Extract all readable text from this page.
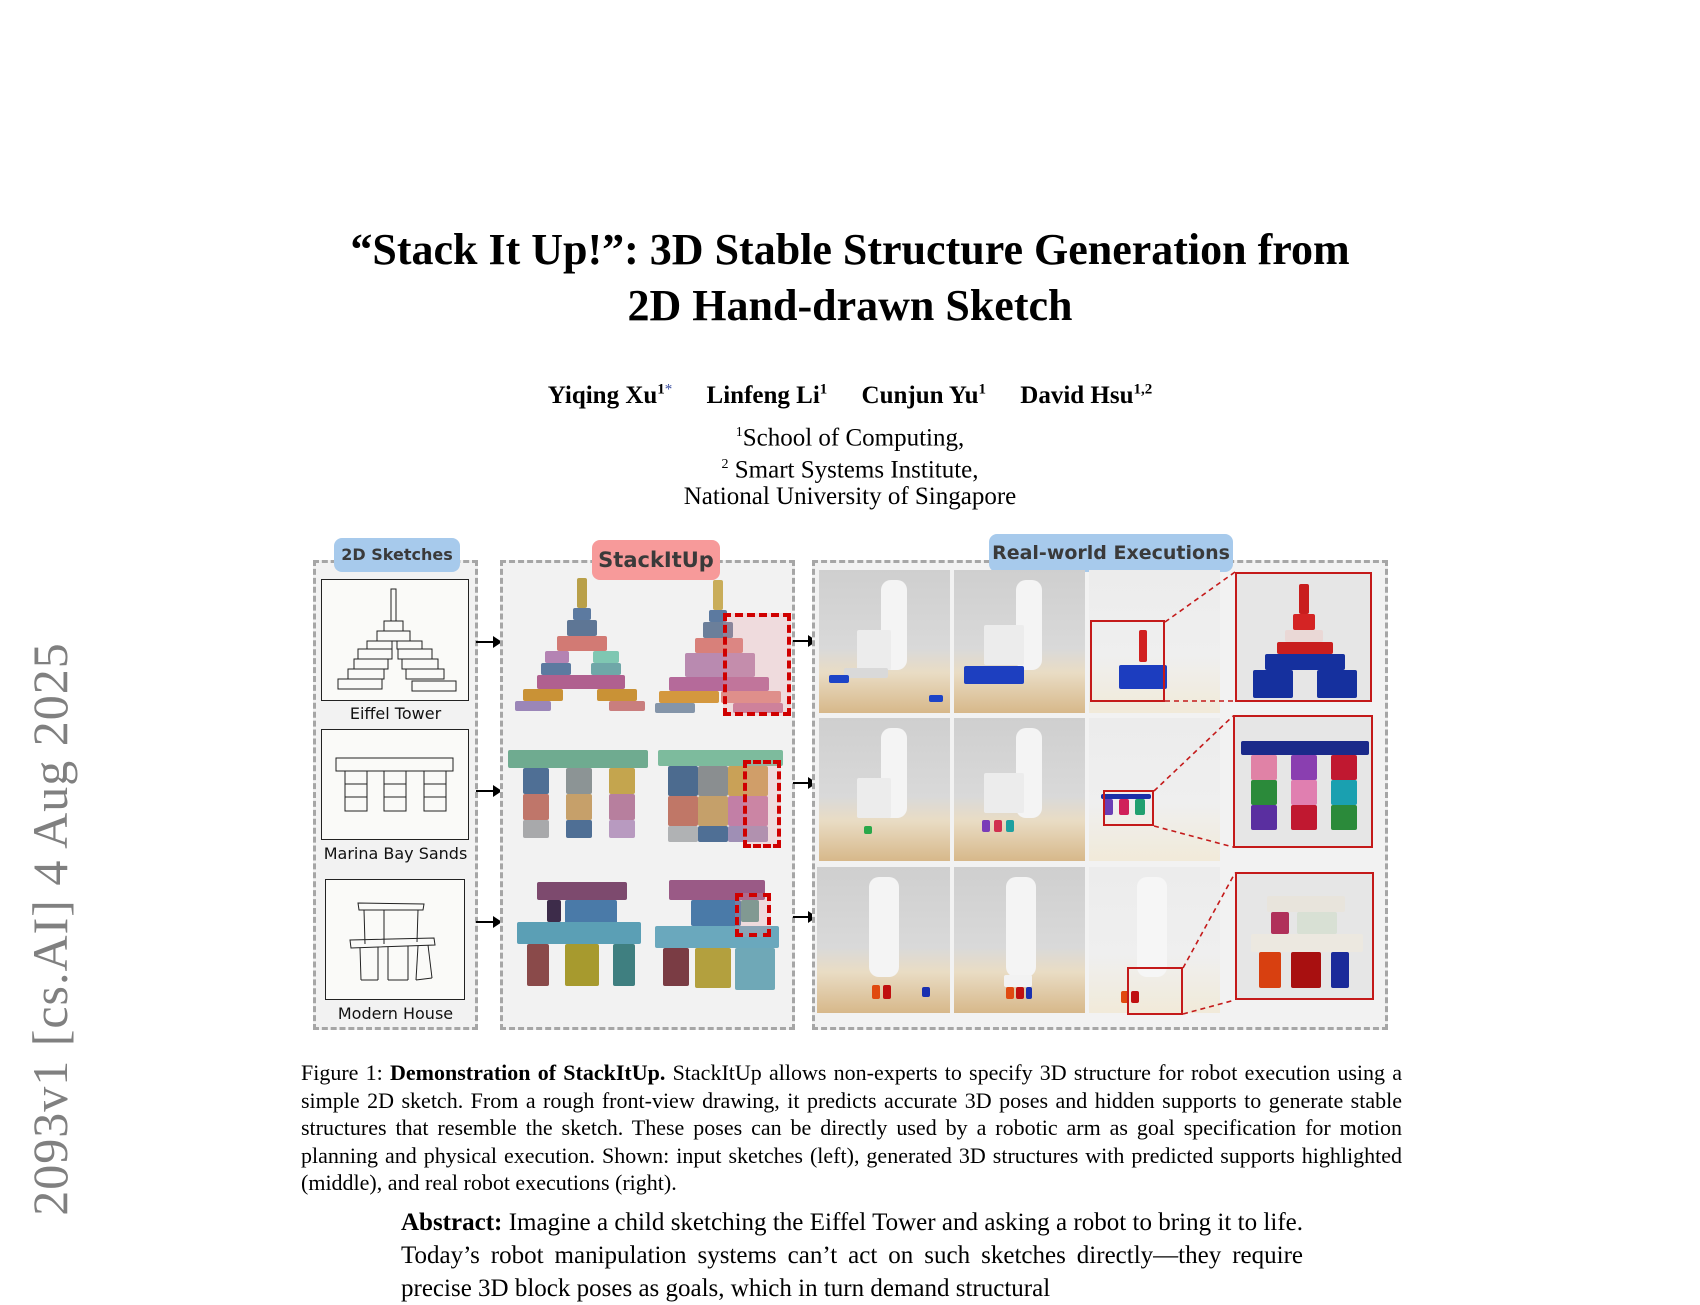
2093v1 [cs.AI] 4 Aug 2025
“Stack It Up!”: 3D Stable Structure Generation from
2D Hand-drawn Sketch
Yiqing $Xu^{1*}$ Linfeng Li$^1$ Cunjun Yu$^1$ David Hsu$^{1,2}$
$^1$School of Computing,
$^2$ Smart Systems Institute,
National University of Singapore
2D Sketches
Eiffel Tower
Marina Bay Sands
Modern House
StackItUp	Real-world Executions
Figure 1: Demonstration of StackItUp. StackItUp allows non-experts to specify 3D structure for robot execution using a simple 2D sketch. From a rough front-view drawing, it predicts accurate 3D poses and hidden supports to generate stable structures that resemble the sketch. These poses can be directly used by a robotic arm as goal specification for motion planning and physical execution. Shown: input sketches (left), generated 3D structures with predicted supports highlighted (middle), and real robot executions (right).
Abstract: Imagine a child sketching the Eiffel Tower and asking a robot to bring it to life. Today’s robot manipulation systems can’t act on such sketches directly—they require precise 3D block poses as goals, which in turn demand structural
